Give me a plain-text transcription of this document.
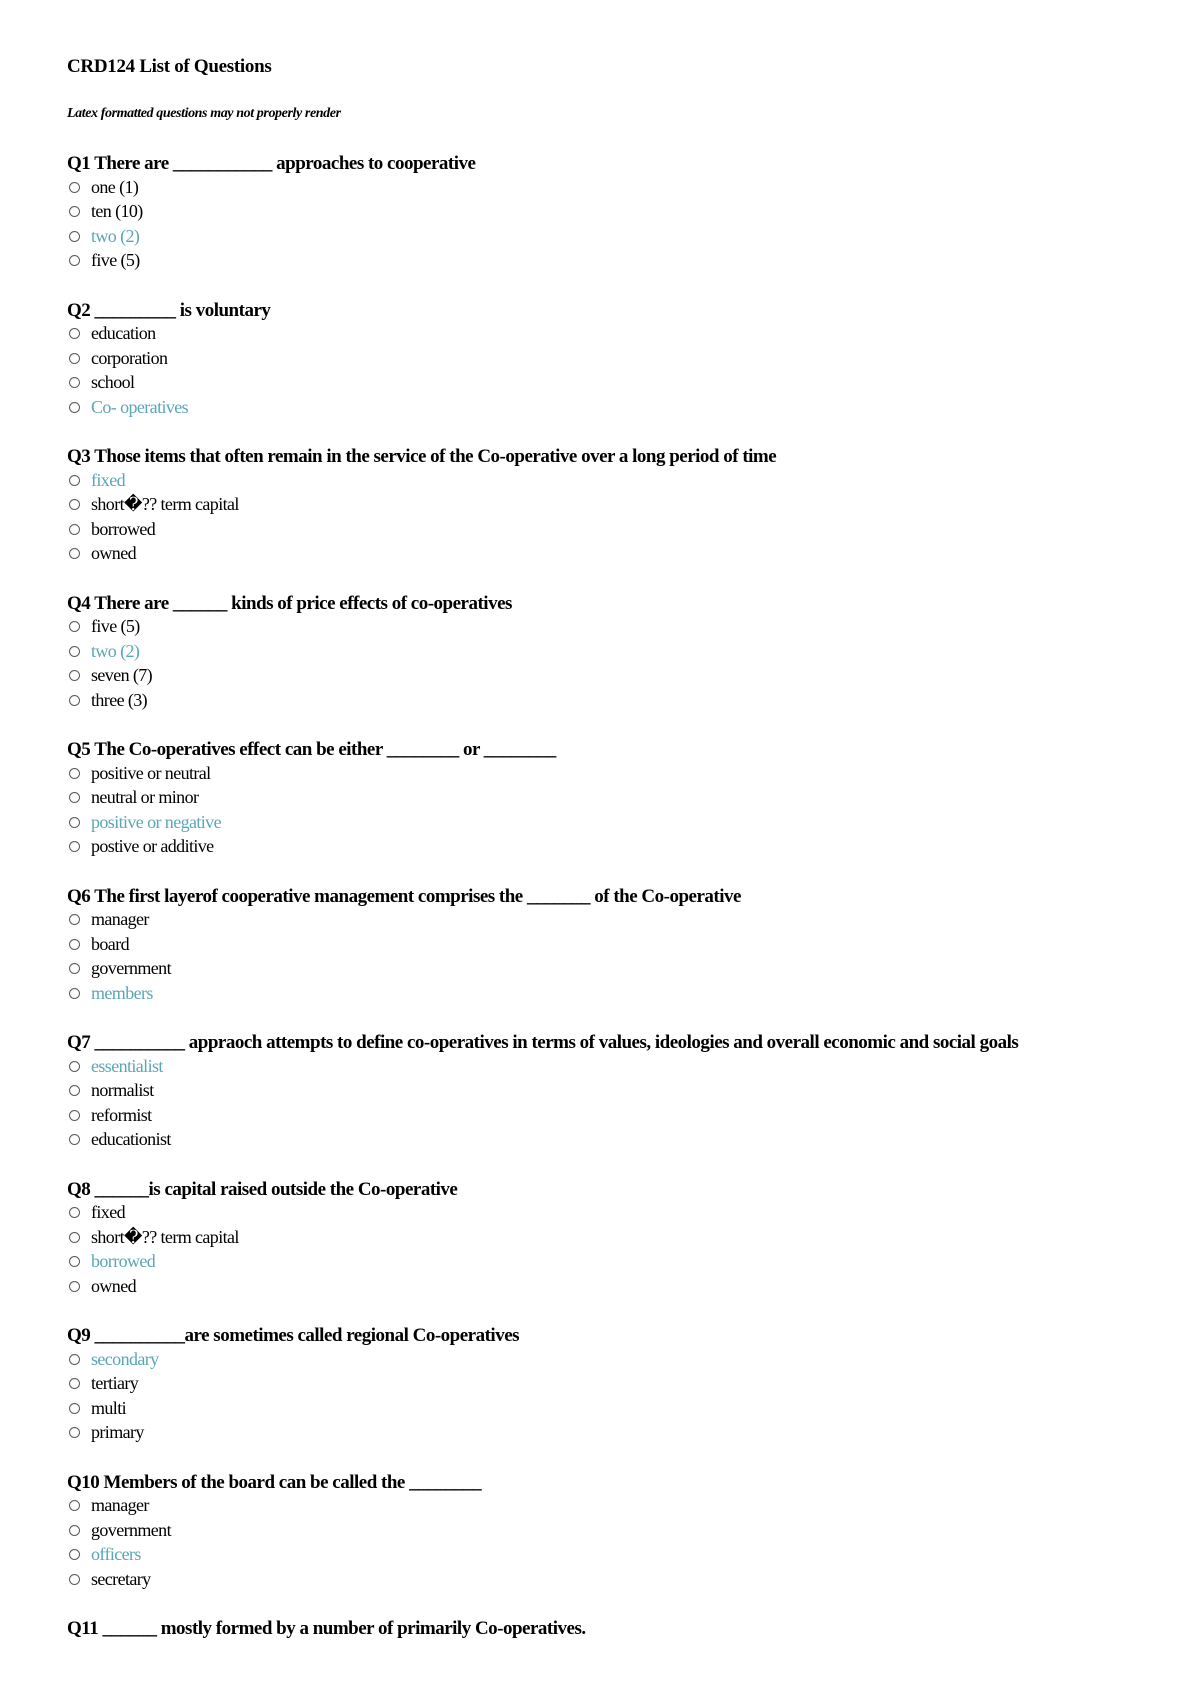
CRD124 List of Questions
Latex formatted questions may not properly render
Q1 There are ___________ approaches to cooperative
one (1)
ten (10)
two (2)
five (5)
Q2 _________ is voluntary
education
corporation
school
Co- operatives
Q3 Those items that often remain in the service of the Co-operative over a long period of time
fixed
short�?? term capital
borrowed
owned
Q4 There are ______ kinds of price effects of co-operatives
five (5)
two (2)
seven (7)
three (3)
Q5 The Co-operatives effect can be either ________ or ________
positive or neutral
neutral or minor
positive or negative
postive or additive
Q6 The first layerof cooperative management comprises the _______ of the Co-operative
manager
board
government
members
Q7 __________ appraoch attempts to define co-operatives in terms of values, ideologies and overall economic and social goals
essentialist
normalist
reformist
educationist
Q8 ______is capital raised outside the Co-operative
fixed
short�?? term capital
borrowed
owned
Q9 __________are sometimes called regional Co-operatives
secondary
tertiary
multi
primary
Q10 Members of the board can be called the ________
manager
government
officers
secretary
Q11 ______ mostly formed by a number of primarily Co-operatives.
